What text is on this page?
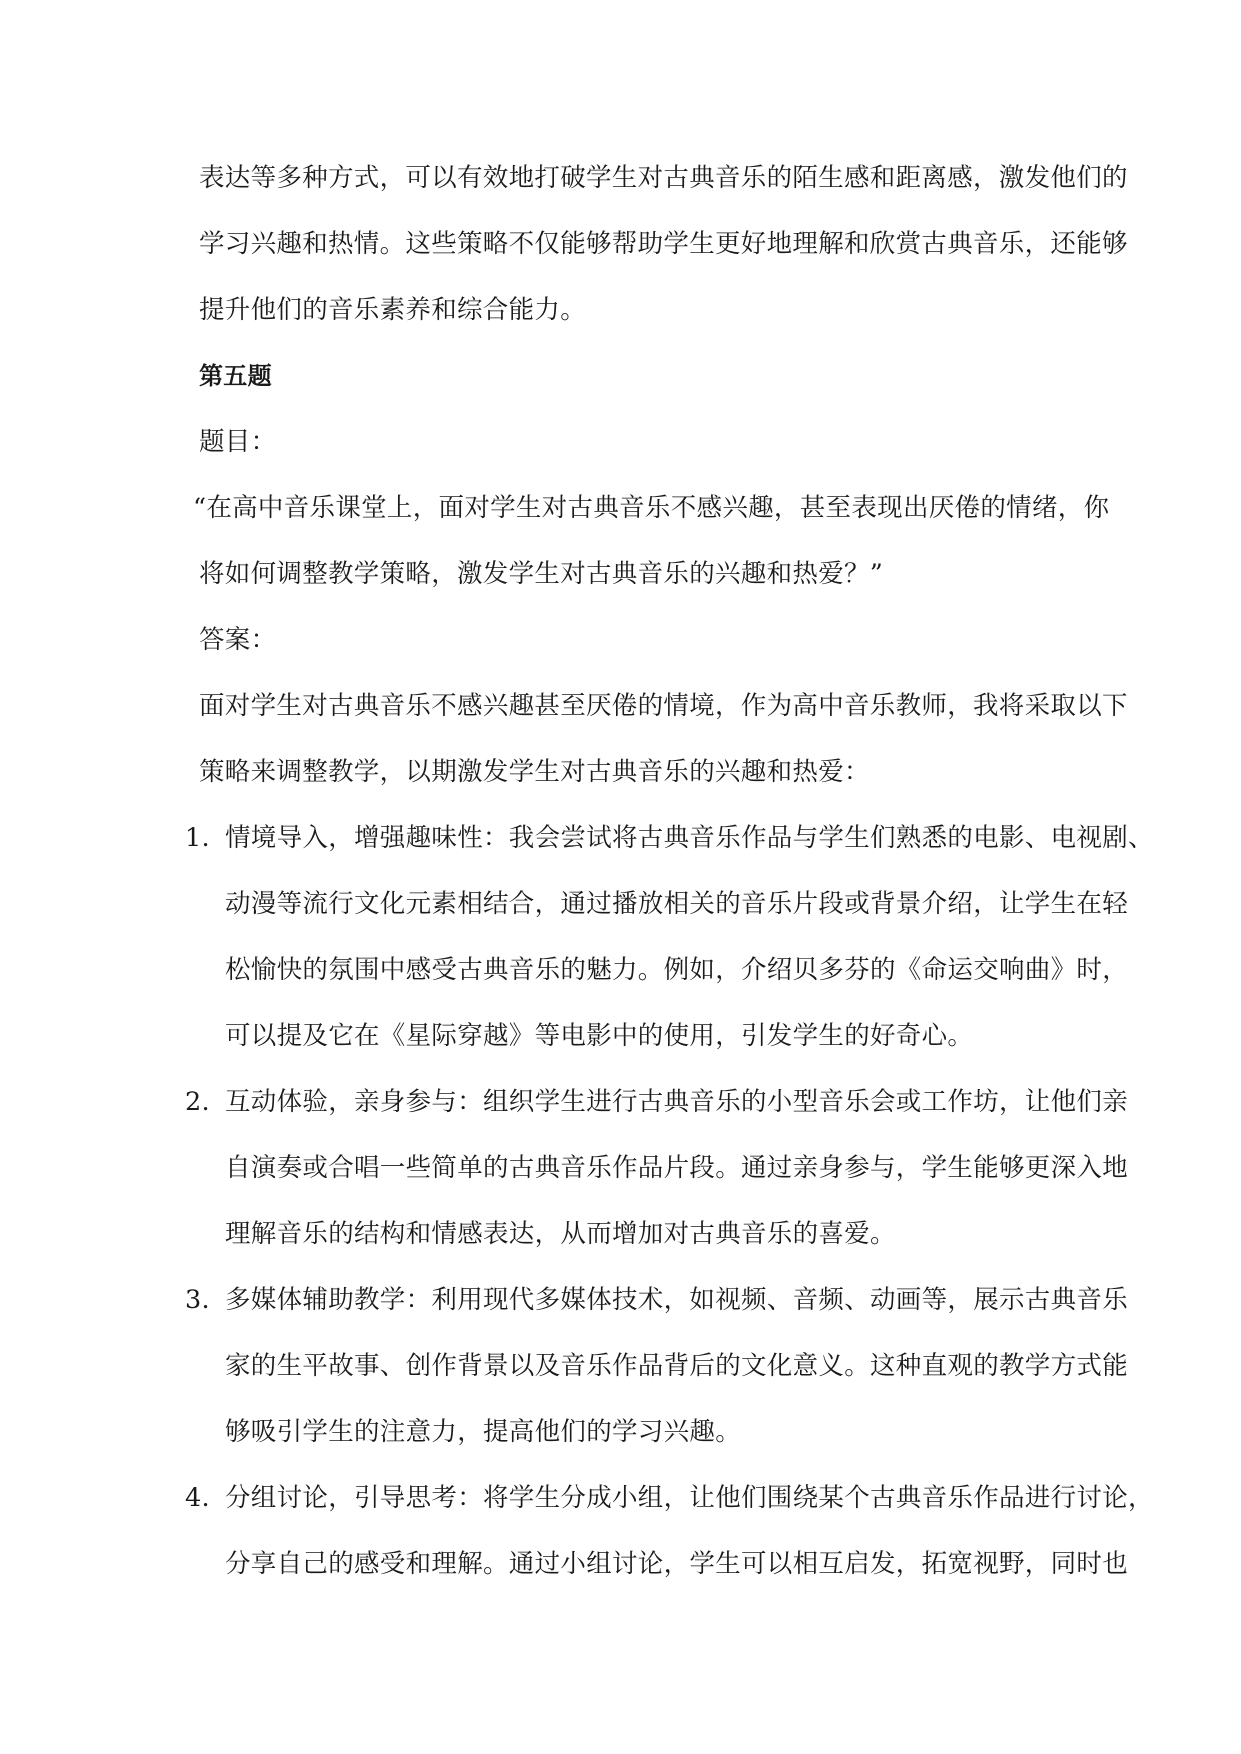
表达等多种方式，可以有效地打破学生对古典音乐的陌生感和距离感，激发他们的
学习兴趣和热情。这些策略不仅能够帮助学生更好地理解和欣赏古典音乐，还能够
提升他们的音乐素养和综合能力。
第五题
题目：
“在高中音乐课堂上，面对学生对古典音乐不感兴趣，甚至表现出厌倦的情绪，你
将如何调整教学策略，激发学生对古典音乐的兴趣和热爱？”
答案：
面对学生对古典音乐不感兴趣甚至厌倦的情境，作为高中音乐教师，我将采取以下
策略来调整教学，以期激发学生对古典音乐的兴趣和热爱：
1. 情境导入，增强趣味性：我会尝试将古典音乐作品与学生们熟悉的电影、电视剧、
动漫等流行文化元素相结合，通过播放相关的音乐片段或背景介绍，让学生在轻
松愉快的氛围中感受古典音乐的魅力。例如，介绍贝多芬的《命运交响曲》时，
可以提及它在《星际穿越》等电影中的使用，引发学生的好奇心。
2. 互动体验，亲身参与：组织学生进行古典音乐的小型音乐会或工作坊，让他们亲
自演奏或合唱一些简单的古典音乐作品片段。通过亲身参与，学生能够更深入地
理解音乐的结构和情感表达，从而增加对古典音乐的喜爱。
3. 多媒体辅助教学：利用现代多媒体技术，如视频、音频、动画等，展示古典音乐
家的生平故事、创作背景以及音乐作品背后的文化意义。这种直观的教学方式能
够吸引学生的注意力，提高他们的学习兴趣。
4. 分组讨论，引导思考：将学生分成小组，让他们围绕某个古典音乐作品进行讨论，
分享自己的感受和理解。通过小组讨论，学生可以相互启发，拓宽视野，同时也
